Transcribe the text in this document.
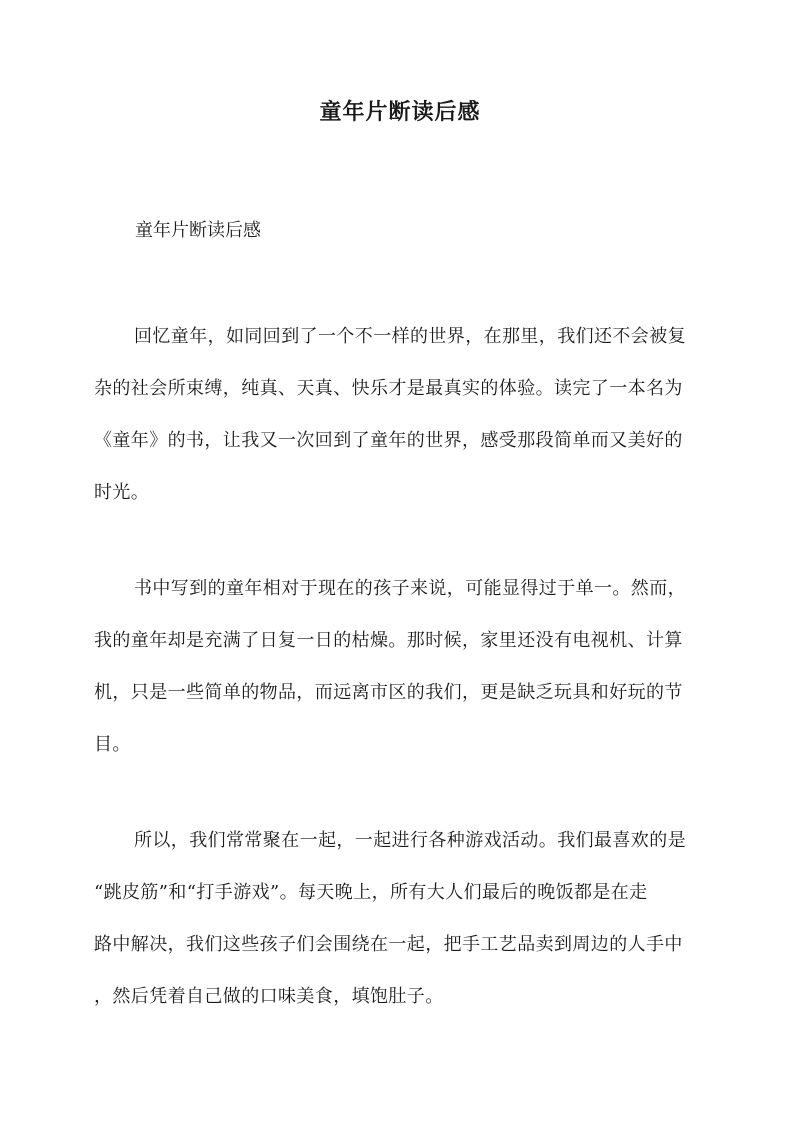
童年片断读后感
童年片断读后感
回忆童年，如同回到了一个不一样的世界，在那里，我们还不会被复
杂的社会所束缚，纯真、天真、快乐才是最真实的体验。读完了一本名为
《童年》的书，让我又一次回到了童年的世界，感受那段简单而又美好的
时光。
书中写到的童年相对于现在的孩子来说，可能显得过于单一。然而，
我的童年却是充满了日复一日的枯燥。那时候，家里还没有电视机、计算
机，只是一些简单的物品，而远离市区的我们，更是缺乏玩具和好玩的节
目。
所以，我们常常聚在一起，一起进行各种游戏活动。我们最喜欢的是
“跳皮筋”和“打手游戏”。每天晚上，所有大人们最后的晚饭都是在走
路中解决，我们这些孩子们会围绕在一起，把手工艺品卖到周边的人手中
，然后凭着自己做的口味美食，填饱肚子。
